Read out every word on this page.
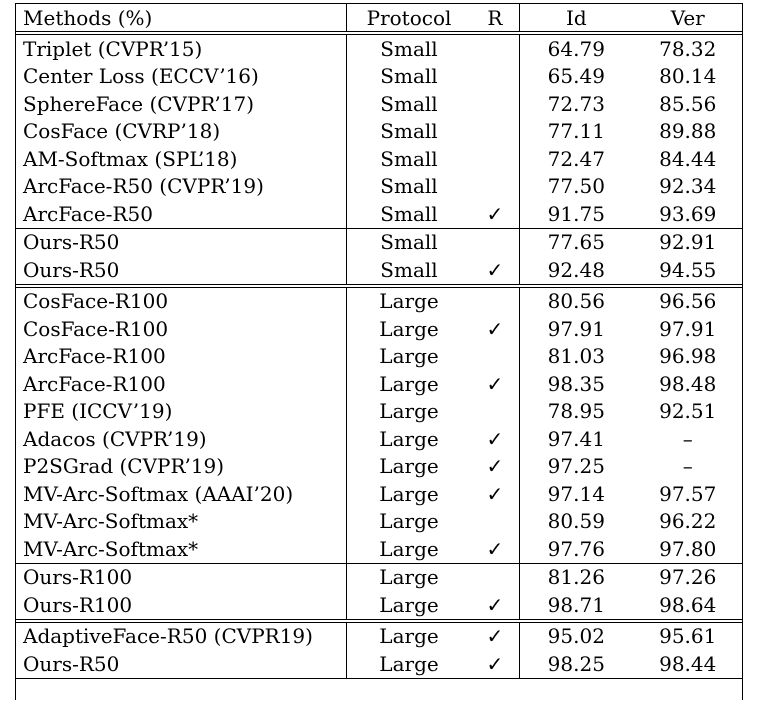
Methods (%)	Protocol	R	Id	Ver
Triplet (CVPR’15)	Small		64.79	78.32
Center Loss (ECCV’16)	Small		65.49	80.14
SphereFace (CVPR’17)	Small		72.73	85.56
CosFace (CVRP’18)	Small		77.11	89.88
AM-Softmax (SPL’18)	Small		72.47	84.44
ArcFace-R50 (CVPR’19)	Small		77.50	92.34
ArcFace-R50	Small	✓	91.75	93.69
Ours-R50	Small		77.65	92.91
Ours-R50	Small	✓	92.48	94.55
CosFace-R100	Large		80.56	96.56
CosFace-R100	Large	✓	97.91	97.91
ArcFace-R100	Large		81.03	96.98
ArcFace-R100	Large	✓	98.35	98.48
PFE (ICCV’19)	Large		78.95	92.51
Adacos (CVPR’19)	Large	✓	97.41	–
P2SGrad (CVPR’19)	Large	✓	97.25	–
MV-Arc-Softmax (AAAI’20)	Large	✓	97.14	97.57
MV-Arc-Softmax*	Large		80.59	96.22
MV-Arc-Softmax*	Large	✓	97.76	97.80
Ours-R100	Large		81.26	97.26
Ours-R100	Large	✓	98.71	98.64
AdaptiveFace-R50 (CVPR19)	Large	✓	95.02	95.61
Ours-R50	Large	✓	98.25	98.44
